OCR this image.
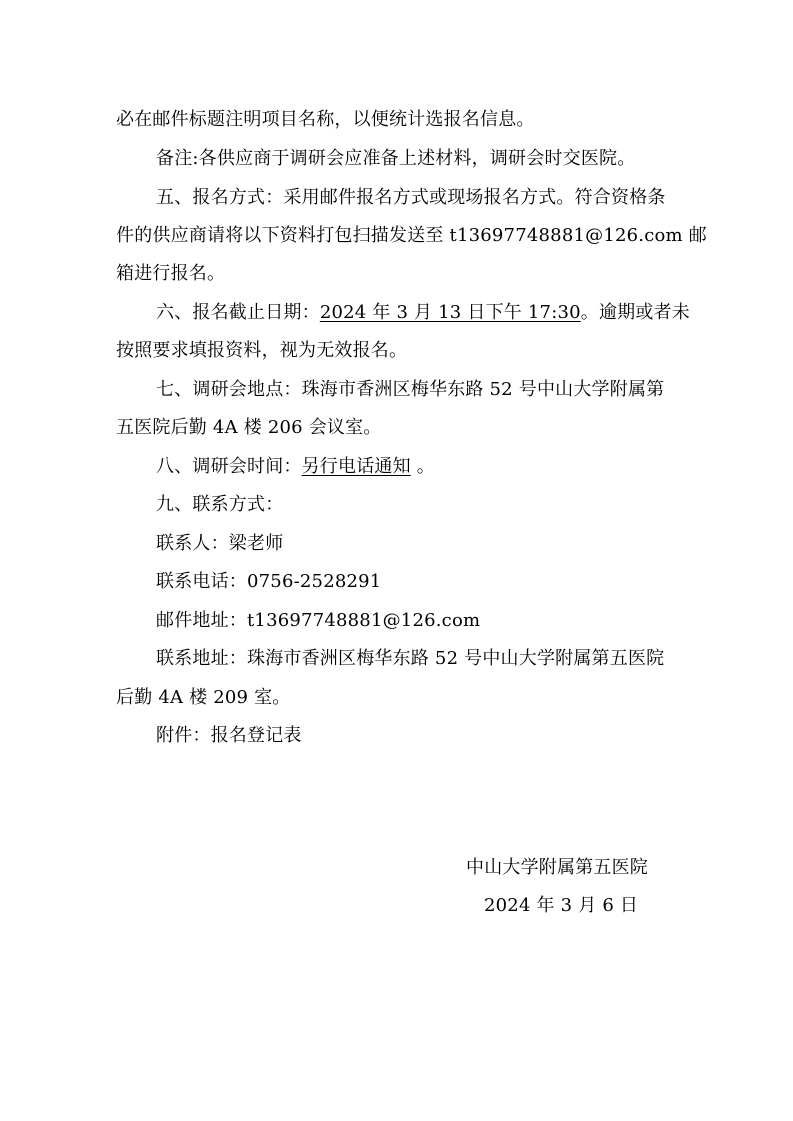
必在邮件标题注明项目名称，以便统计选报名信息。
备注:各供应商于调研会应准备上述材料，调研会时交医院。
五、报名方式：采用邮件报名方式或现场报名方式。符合资格条
件的供应商请将以下资料打包扫描发送至 t13697748881@126.com 邮
箱进行报名。
六、报名截止日期：2024 年 3 月 13 日下午 17:30。逾期或者未
按照要求填报资料，视为无效报名。
七、调研会地点：珠海市香洲区梅华东路 52 号中山大学附属第
五医院后勤 4A 楼 206 会议室。
八、调研会时间：另行电话通知 。
九、联系方式：
联系人：梁老师
联系电话：0756-2528291
邮件地址：t13697748881@126.com
联系地址：珠海市香洲区梅华东路 52 号中山大学附属第五医院
后勤 4A 楼 209 室。
附件：报名登记表
中山大学附属第五医院
2024 年 3 月 6 日
